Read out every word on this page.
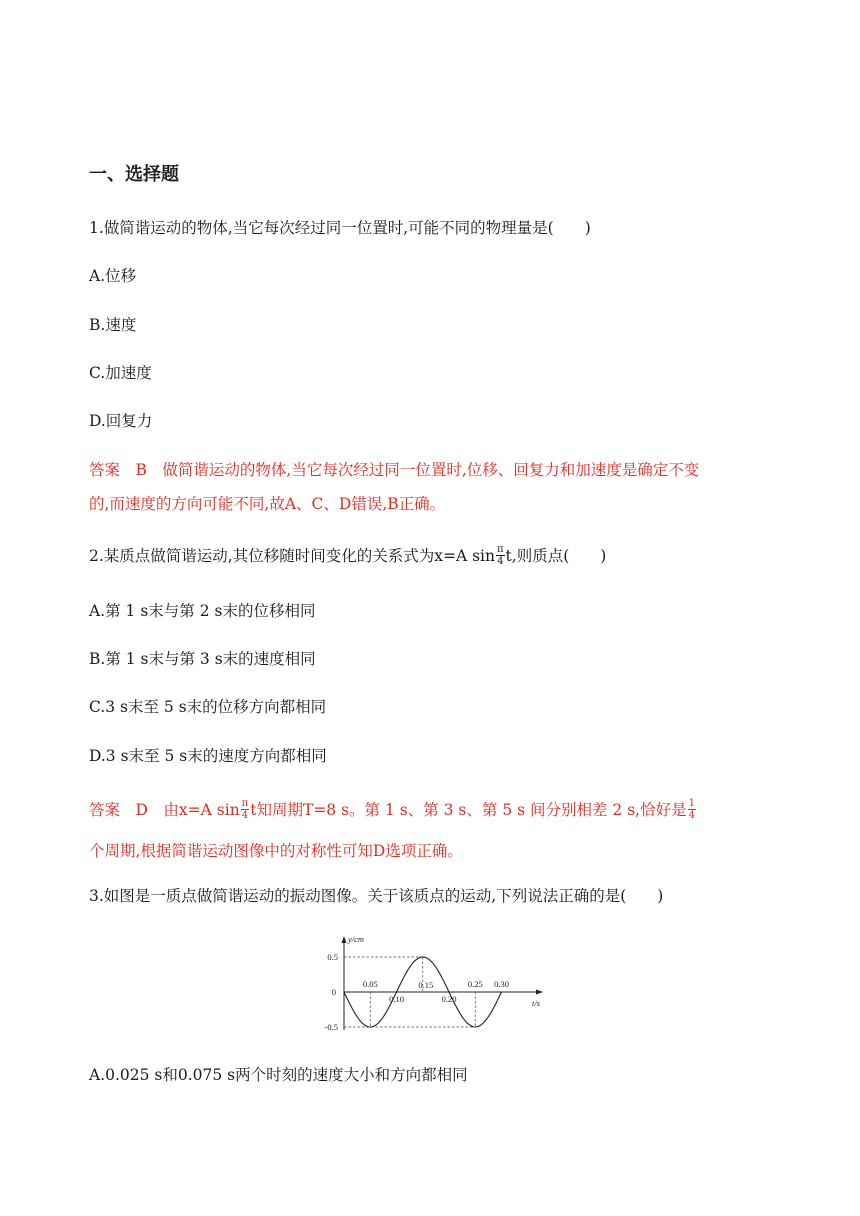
一、选择题
1.做简谐运动的物体,当它每次经过同一位置时,可能不同的物理量是(　　)
A.位移
B.速度
C.加速度
D.回复力
答案　B　做简谐运动的物体,当它每次经过同一位置时,位移、回复力和加速度是确定不变
的,而速度的方向可能不同,故A、C、D错误,B正确。
2.某质点做简谐运动,其位移随时间变化的关系式为x=A $\sin \frac{\pi}{4} t$,则质点(　　)
A.第 1 s末与第 2 s末的位移相同
B.第 1 s末与第 3 s末的速度相同
C.3 s末至 5 s末的位移方向都相同
D.3 s末至 5 s末的速度方向都相同
答案　D　由x=A $\sin \frac{\pi}{4}$ t知周期T=8 s。第 1 s、第 3 s、第 5 s 间分别相差 2 s,恰好是 $\frac{1}{4}$
个周期,根据简谐运动图像中的对称性可知D选项正确。
3.如图是一质点做简谐运动的振动图像。关于该质点的运动,下列说法正确的是(　　)
y/cm
t/s
0
0.5
-0.5
0.05
0.10
0.15
0.20
0.25 0.30
A.0.025 s和0.075 s两个时刻的速度大小和方向都相同
